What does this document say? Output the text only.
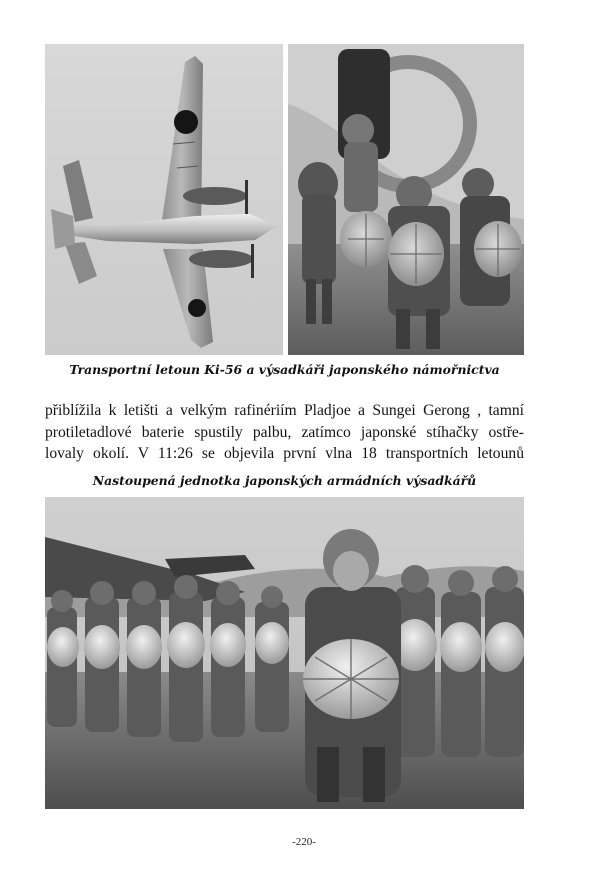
Transportní letoun Ki-56 a výsadkáři japonského námořnictva
přiblížila k letišti a velkým rafinériím Pladjoe a Sungei Gerong , tamní
protiletadlové baterie spustily palbu, zatímco japonské stíhačky ostře-
lovaly okolí. V 11:26 se objevila první vlna 18 transportních letounů
Nastoupená jednotka japonských armádních výsadkářů
-220-
